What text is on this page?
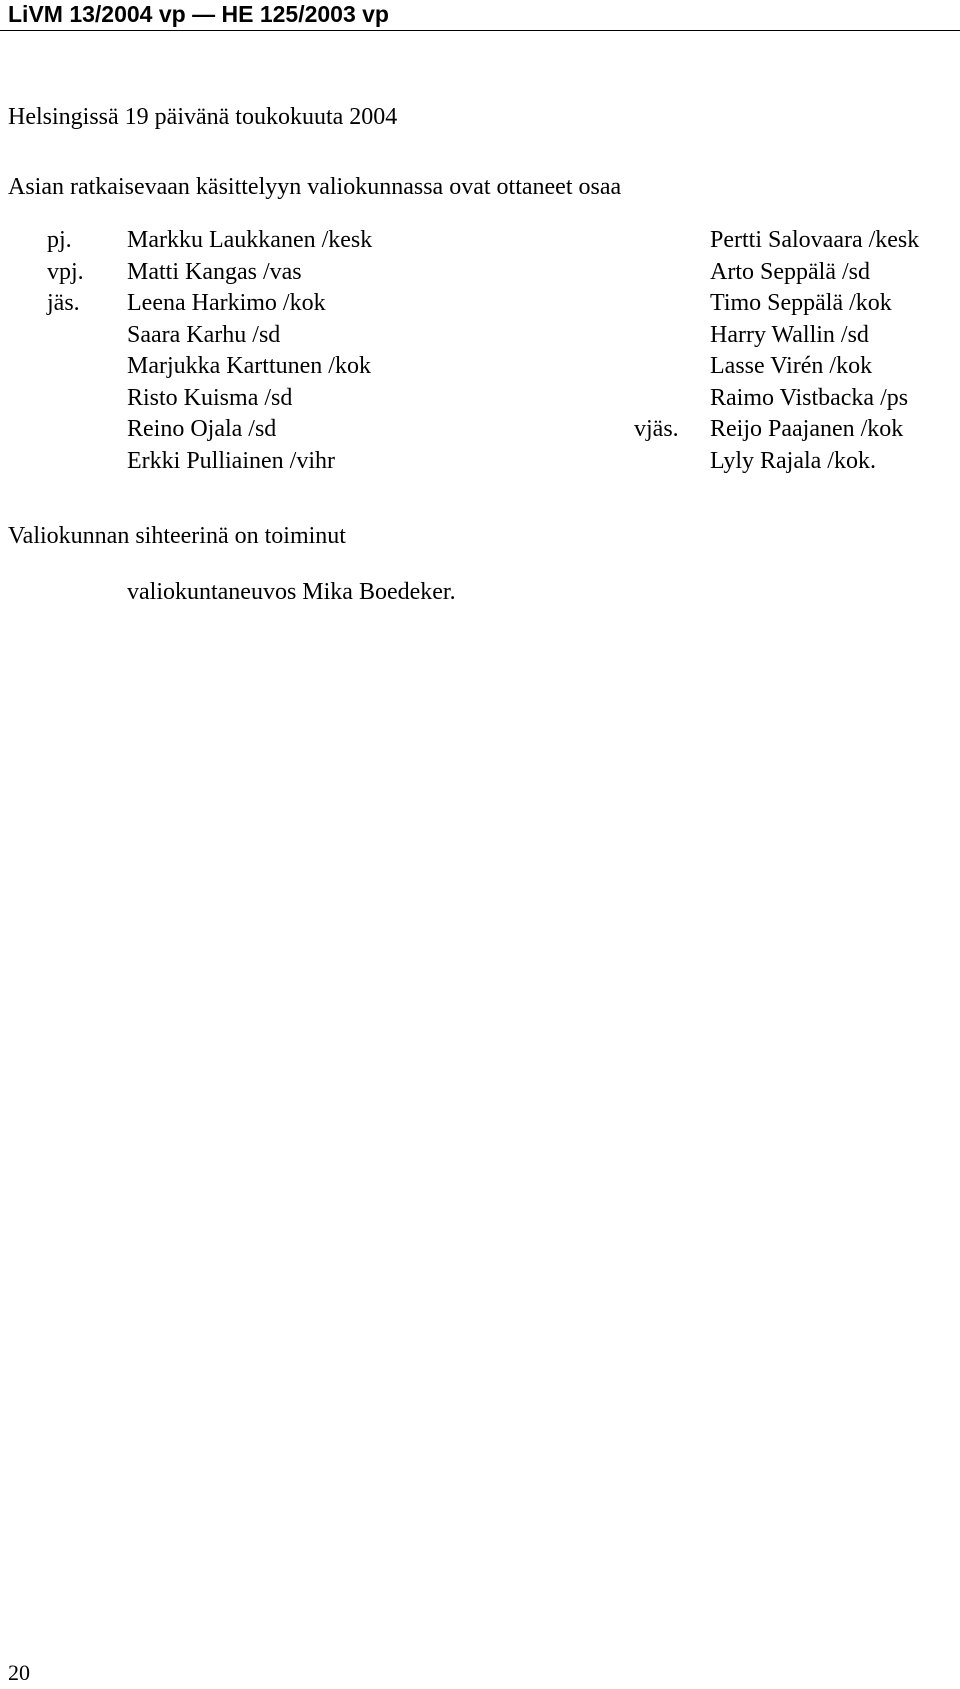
LiVM 13/2004 vp — HE 125/2003 vp
Helsingissä 19 päivänä toukokuuta 2004
Asian ratkaisevaan käsittelyyn valiokunnassa ovat ottaneet osaa
pj.
vpj.
jäs.
Markku Laukkanen /kesk
Matti Kangas /vas
Leena Harkimo /kok
Saara Karhu /sd
Marjukka Karttunen /kok
Risto Kuisma /sd
Reino Ojala /sd
Erkki Pulliainen /vihr
vjäs.
Pertti Salovaara /kesk
Arto Seppälä /sd
Timo Seppälä /kok
Harry Wallin /sd
Lasse Virén /kok
Raimo Vistbacka /ps
Reijo Paajanen /kok
Lyly Rajala /kok.
Valiokunnan sihteerinä on toiminut
valiokuntaneuvos Mika Boedeker.
20
